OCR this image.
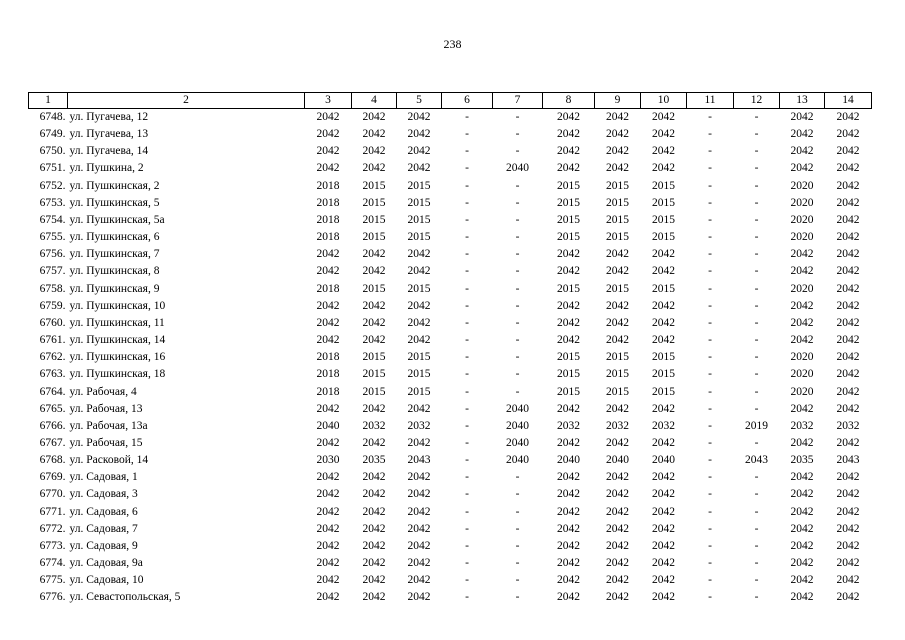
238
1	2	3	4	5	6	7	8	9	10	11	12	13	14
6748.	ул. Пугачева, 12	2042	2042	2042	-	-	2042	2042	2042	-	-	2042	2042
6749.	ул. Пугачева, 13	2042	2042	2042	-	-	2042	2042	2042	-	-	2042	2042
6750.	ул. Пугачева, 14	2042	2042	2042	-	-	2042	2042	2042	-	-	2042	2042
6751.	ул. Пушкина, 2	2042	2042	2042	-	2040	2042	2042	2042	-	-	2042	2042
6752.	ул. Пушкинская, 2	2018	2015	2015	-	-	2015	2015	2015	-	-	2020	2042
6753.	ул. Пушкинская, 5	2018	2015	2015	-	-	2015	2015	2015	-	-	2020	2042
6754.	ул. Пушкинская, 5а	2018	2015	2015	-	-	2015	2015	2015	-	-	2020	2042
6755.	ул. Пушкинская, 6	2018	2015	2015	-	-	2015	2015	2015	-	-	2020	2042
6756.	ул. Пушкинская, 7	2042	2042	2042	-	-	2042	2042	2042	-	-	2042	2042
6757.	ул. Пушкинская, 8	2042	2042	2042	-	-	2042	2042	2042	-	-	2042	2042
6758.	ул. Пушкинская, 9	2018	2015	2015	-	-	2015	2015	2015	-	-	2020	2042
6759.	ул. Пушкинская, 10	2042	2042	2042	-	-	2042	2042	2042	-	-	2042	2042
6760.	ул. Пушкинская, 11	2042	2042	2042	-	-	2042	2042	2042	-	-	2042	2042
6761.	ул. Пушкинская, 14	2042	2042	2042	-	-	2042	2042	2042	-	-	2042	2042
6762.	ул. Пушкинская, 16	2018	2015	2015	-	-	2015	2015	2015	-	-	2020	2042
6763.	ул. Пушкинская, 18	2018	2015	2015	-	-	2015	2015	2015	-	-	2020	2042
6764.	ул. Рабочая, 4	2018	2015	2015	-	-	2015	2015	2015	-	-	2020	2042
6765.	ул. Рабочая, 13	2042	2042	2042	-	2040	2042	2042	2042	-	-	2042	2042
6766.	ул. Рабочая, 13а	2040	2032	2032	-	2040	2032	2032	2032	-	2019	2032	2032
6767.	ул. Рабочая, 15	2042	2042	2042	-	2040	2042	2042	2042	-	-	2042	2042
6768.	ул. Расковой, 14	2030	2035	2043	-	2040	2040	2040	2040	-	2043	2035	2043
6769.	ул. Садовая, 1	2042	2042	2042	-	-	2042	2042	2042	-	-	2042	2042
6770.	ул. Садовая, 3	2042	2042	2042	-	-	2042	2042	2042	-	-	2042	2042
6771.	ул. Садовая, 6	2042	2042	2042	-	-	2042	2042	2042	-	-	2042	2042
6772.	ул. Садовая, 7	2042	2042	2042	-	-	2042	2042	2042	-	-	2042	2042
6773.	ул. Садовая, 9	2042	2042	2042	-	-	2042	2042	2042	-	-	2042	2042
6774.	ул. Садовая, 9а	2042	2042	2042	-	-	2042	2042	2042	-	-	2042	2042
6775.	ул. Садовая, 10	2042	2042	2042	-	-	2042	2042	2042	-	-	2042	2042
6776.	ул. Севастопольская, 5	2042	2042	2042	-	-	2042	2042	2042	-	-	2042	2042
